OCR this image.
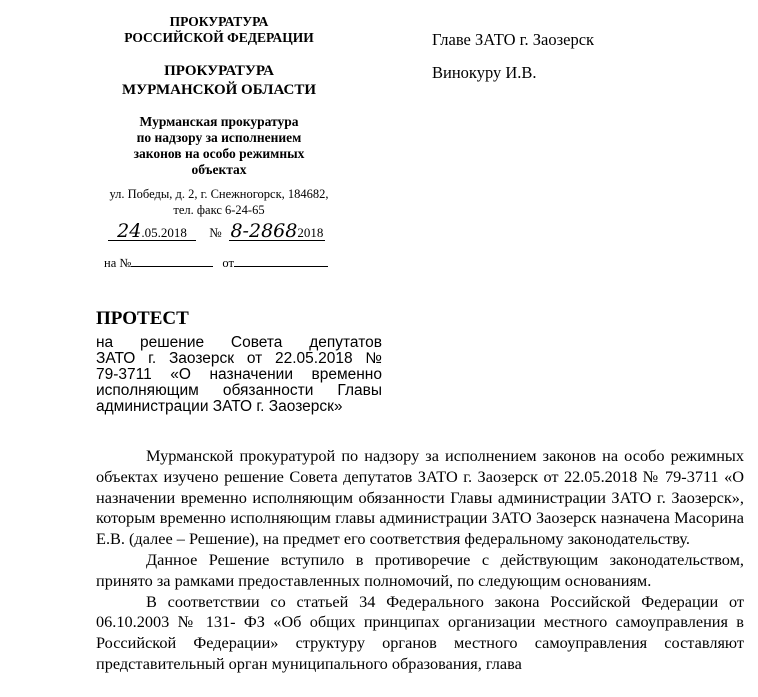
ПРОКУРАТУРА
РОССИЙСКОЙ ФЕДЕРАЦИИ
ПРОКУРАТУРА
МУРМАНСКОЙ ОБЛАСТИ
Мурманская прокуратура
по надзору за исполнением
законов на особо режимных
объектах
ул. Победы, д. 2, г. Снежногорск, 184682,
тел. факс 6-24-65
24.05.2018 № 8-28682018
на №	от
Главе ЗАТО г. Заозерск
Винокуру И.В.
ПРОТЕСТ
на решение Совета депутатов
ЗАТО г. Заозерск от 22.05.2018 №
79-3711 «О назначении временно
исполняющим обязанности Главы
администрации ЗАТО г. Заозерск»

Мурманской прокуратурой по надзору за исполнением законов на особо режимных объектах изучено решение Совета депутатов ЗАТО г. Заозерск от 22.05.2018 № 79-3711 «О назначении временно исполняющим обязанности Главы администрации ЗАТО г. Заозерск», которым временно исполняющим главы администрации ЗАТО Заозерск назначена Масорина Е.В. (далее – Решение), на предмет его соответствия федеральному законодательству.

Данное Решение вступило в противоречие с действующим законодательством, принято за рамками предоставленных полномочий, по следующим основаниям.

В соответствии со статьей 34 Федерального закона Российской Федерации от 06.10.2003 № 131- ФЗ «Об общих принципах организации местного самоуправления в Российской Федерации» структуру органов местного самоуправления составляют представительный орган муниципального образования, глава
